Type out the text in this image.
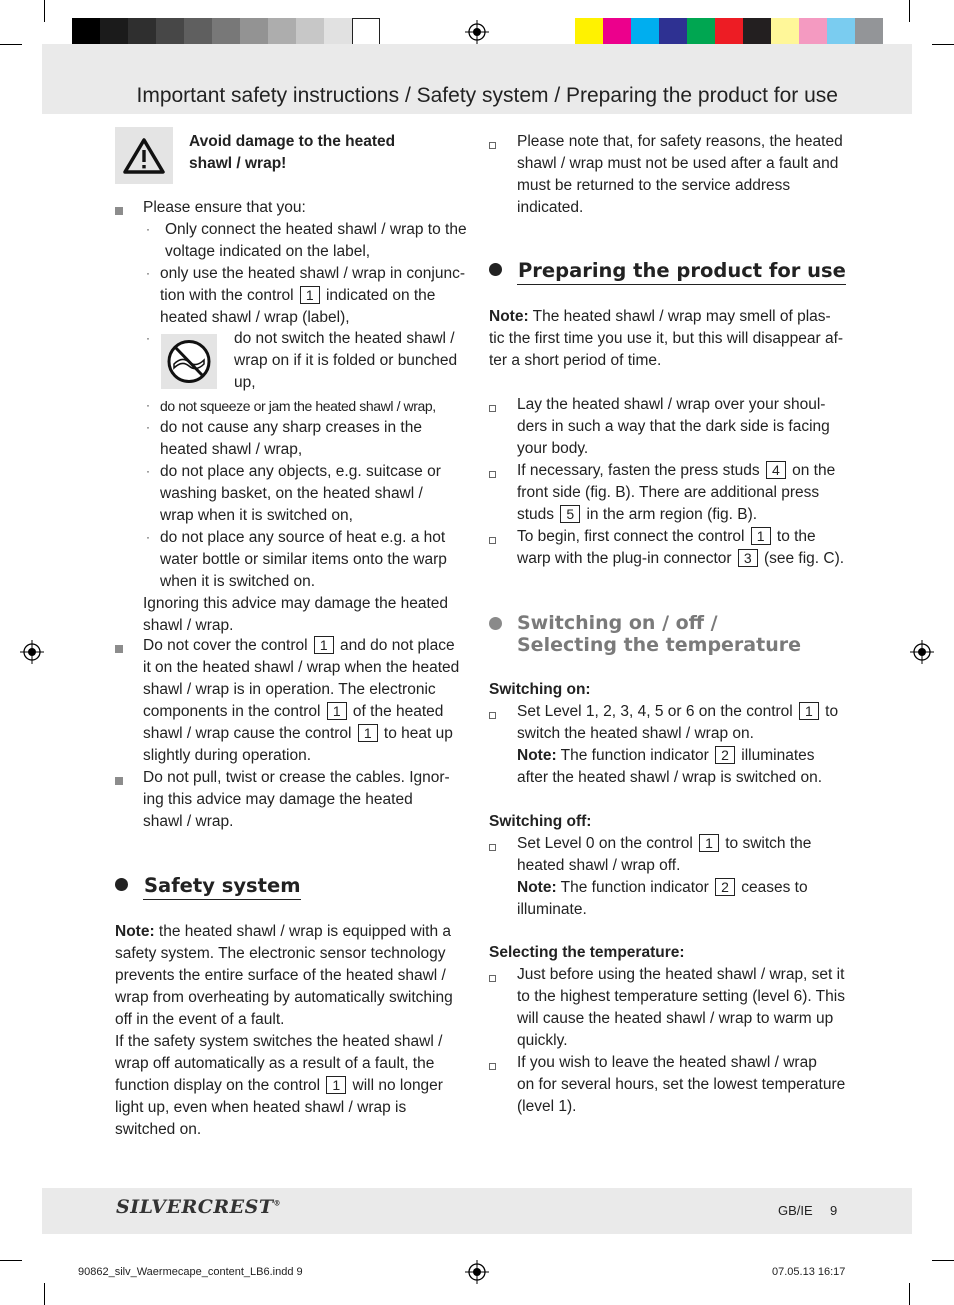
Important safety instructions / Safety system / Preparing the product for use
Avoid damage to the heated
shawl / wrap!
Please ensure that you:
· Only connect the heated shawl / wrap to the
voltage indicated on the label,
· only use the heated shawl / wrap in conjunc-
tion with the control 1 indicated on the
heated shawl / wrap (label),
·	do not switch the heated shawl /
wrap on if it is folded or bunched
up,
· do not squeeze or jam the heated shawl / wrap,
· do not cause any sharp creases in the
heated shawl / wrap,
· do not place any objects, e.g. suitcase or
washing basket, on the heated shawl /
wrap when it is switched on,
· do not place any source of heat e.g. a hot
water bottle or similar items onto the warp
when it is switched on.
Ignoring this advice may damage the heated
shawl / wrap.
Do not cover the control 1 and do not place
it on the heated shawl / wrap when the heated
shawl / wrap is in operation. The electronic
components in the control 1 of the heated
shawl / wrap cause the control 1 to heat up
slightly during operation.
Do not pull, twist or crease the cables. Ignor-
ing this advice may damage the heated
shawl / wrap.
Safety system
Note: the heated shawl / wrap is equipped with a
safety system. The electronic sensor technology
prevents the entire surface of the heated shawl /
wrap from overheating by automatically switching
off in the event of a fault.
If the safety system switches the heated shawl /
wrap off automatically as a result of a fault, the
function display on the control 1 will no longer
light up, even when heated shawl / wrap is
switched on.
Please note that, for safety reasons, the heated
shawl / wrap must not be used after a fault and
must be returned to the service address
indicated.
Preparing the product for use
Note: The heated shawl / wrap may smell of plas-
tic the first time you use it, but this will disappear af-
ter a short period of time.
Lay the heated shawl / wrap over your shoul-
ders in such a way that the dark side is facing
your body.
If necessary, fasten the press studs 4 on the
front side (fig. B). There are additional press
studs 5 in the arm region (fig. B).
To begin, first connect the control 1 to the
warp with the plug-in connector 3 (see fig. C).
Switching on / off /
Selecting the temperature
Switching on:
Set Level 1, 2, 3, 4, 5 or 6 on the control 1 to
switch the heated shawl / wrap on.
Note: The function indicator 2 illuminates
after the heated shawl / wrap is switched on.
Switching off:
Set Level 0 on the control 1 to switch the
heated shawl / wrap off.
Note: The function indicator 2 ceases to
illuminate.
Selecting the temperature:
Just before using the heated shawl / wrap, set it
to the highest temperature setting (level 6). This
will cause the heated shawl / wrap to warm up
quickly.
If you wish to leave the heated shawl / wrap
on for several hours, set the lowest temperature
(level 1).
SILVERCREST®	GB/IE 9
90862_silv_Waermecape_content_LB6.indd 9	07.05.13 16:17
